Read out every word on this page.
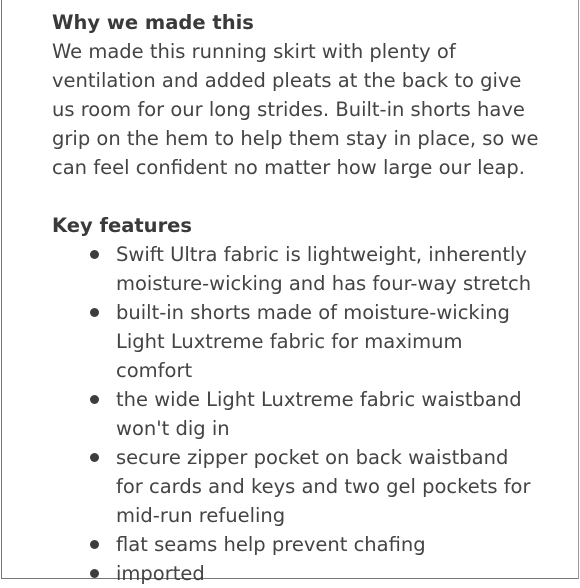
Why we made this

We made this running skirt with plenty of ventilation and added pleats at the back to give us room for our long strides. Built-in shorts have grip on the hem to help them stay in place, so we can feel confident no matter how large our leap.

Key features
Swift Ultra fabric is lightweight, inherently moisture-wicking and has four-way stretch
built-in shorts made of moisture-wicking Light Luxtreme fabric for maximum comfort
the wide Light Luxtreme fabric waistband won't dig in
secure zipper pocket on back waistband for cards and keys and two gel pockets for mid-run refueling
flat seams help prevent chafing
imported
